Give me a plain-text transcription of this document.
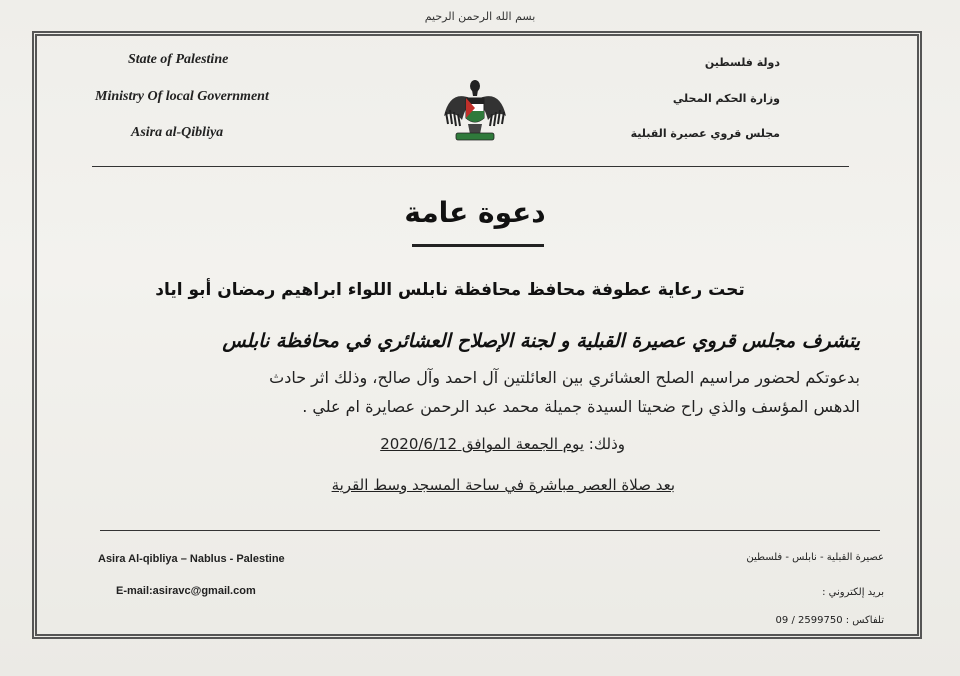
بسم الله الرحمن الرحيم
State of Palestine
Ministry Of local Government
Asira al-Qibliya
دولة فلسطين
وزارة الحكم المحلي
مجلس قروي عصيرة القبلية
دعوة عامة
تحت رعاية عطوفة محافظ محافظة نابلس اللواء ابراهيم رمضان أبو اياد
يتشرف مجلس قروي عصيرة القبلية و لجنة الإصلاح العشائري في محافظة نابلس
بدعوتكم لحضور مراسيم الصلح العشائري بين العائلتين آل احمد وآل صالح، وذلك اثر حادث
الدهس المؤسف والذي راح ضحيتا السيدة جميلة محمد عبد الرحمن عصايرة ام علي .
وذلك: يوم الجمعة الموافق 2020/6/12
بعد صلاة العصر مباشرة في ساحة المسجد وسط القرية
Asira Al-qibliya – Nablus - Palestine
E-mail:asiravc@gmail.com
عصيرة القبلية - نابلس - فلسطين
بريد إلكتروني :
تلفاكس : 2599750 / 09
